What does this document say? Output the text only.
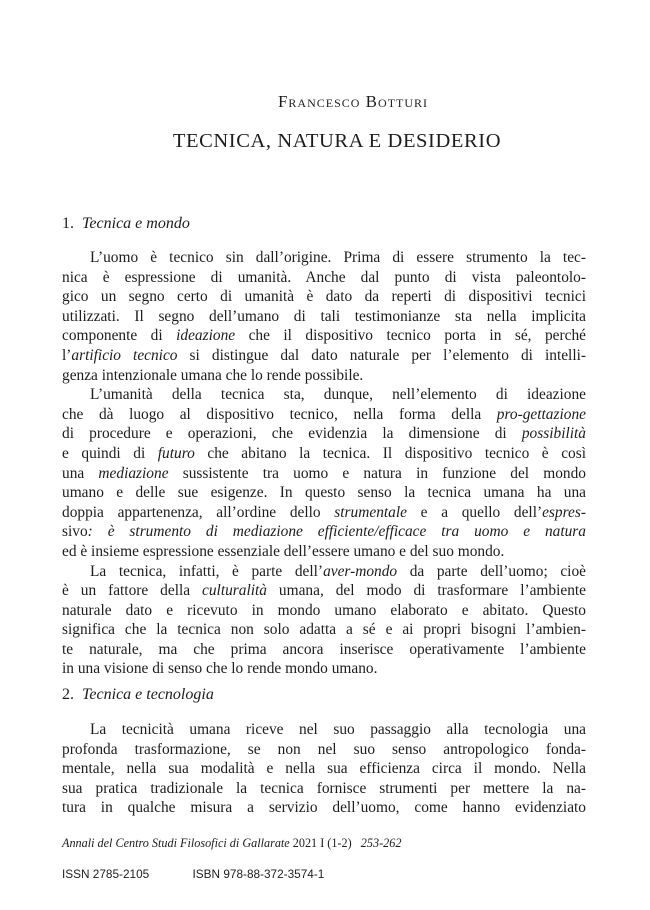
Francesco Botturi
TECNICA, NATURA E DESIDERIO
1. Tecnica e mondo
L’uomo è tecnico sin dall’origine. Prima di essere strumento la tec-
nica è espressione di umanità. Anche dal punto di vista paleontolo-
gico un segno certo di umanità è dato da reperti di dispositivi tecnici
utilizzati. Il segno dell’umano di tali testimonianze sta nella implicita
componente di ideazione che il dispositivo tecnico porta in sé, perché
l’artificio tecnico si distingue dal dato naturale per l’elemento di intelli-
genza intenzionale umana che lo rende possibile.
L’umanità della tecnica sta, dunque, nell’elemento di ideazione
che dà luogo al dispositivo tecnico, nella forma della pro-gettazione
di procedure e operazioni, che evidenzia la dimensione di possibilità
e quindi di futuro che abitano la tecnica. Il dispositivo tecnico è così
una mediazione sussistente tra uomo e natura in funzione del mondo
umano e delle sue esigenze. In questo senso la tecnica umana ha una
doppia appartenenza, all’ordine dello strumentale e a quello dell’espres-
sivo: è strumento di mediazione efficiente/efficace tra uomo e natura
ed è insieme espressione essenziale dell’essere umano e del suo mondo.
La tecnica, infatti, è parte dell’aver-mondo da parte dell’uomo; cioè
è un fattore della culturalità umana, del modo di trasformare l’ambiente
naturale dato e ricevuto in mondo umano elaborato e abitato. Questo
significa che la tecnica non solo adatta a sé e ai propri bisogni l’ambien-
te naturale, ma che prima ancora inserisce operativamente l’ambiente
in una visione di senso che lo rende mondo umano.
2. Tecnica e tecnologia
La tecnicità umana riceve nel suo passaggio alla tecnologia una
profonda trasformazione, se non nel suo senso antropologico fonda-
mentale, nella sua modalità e nella sua efficienza circa il mondo. Nella
sua pratica tradizionale la tecnica fornisce strumenti per mettere la na-
tura in qualche misura a servizio dell’uomo, come hanno evidenziato
Annali del Centro Studi Filosofici di Gallarate 2021 I (1-2) 253-262
ISSN 2785-2105	ISBN 978-88-372-3574-1
